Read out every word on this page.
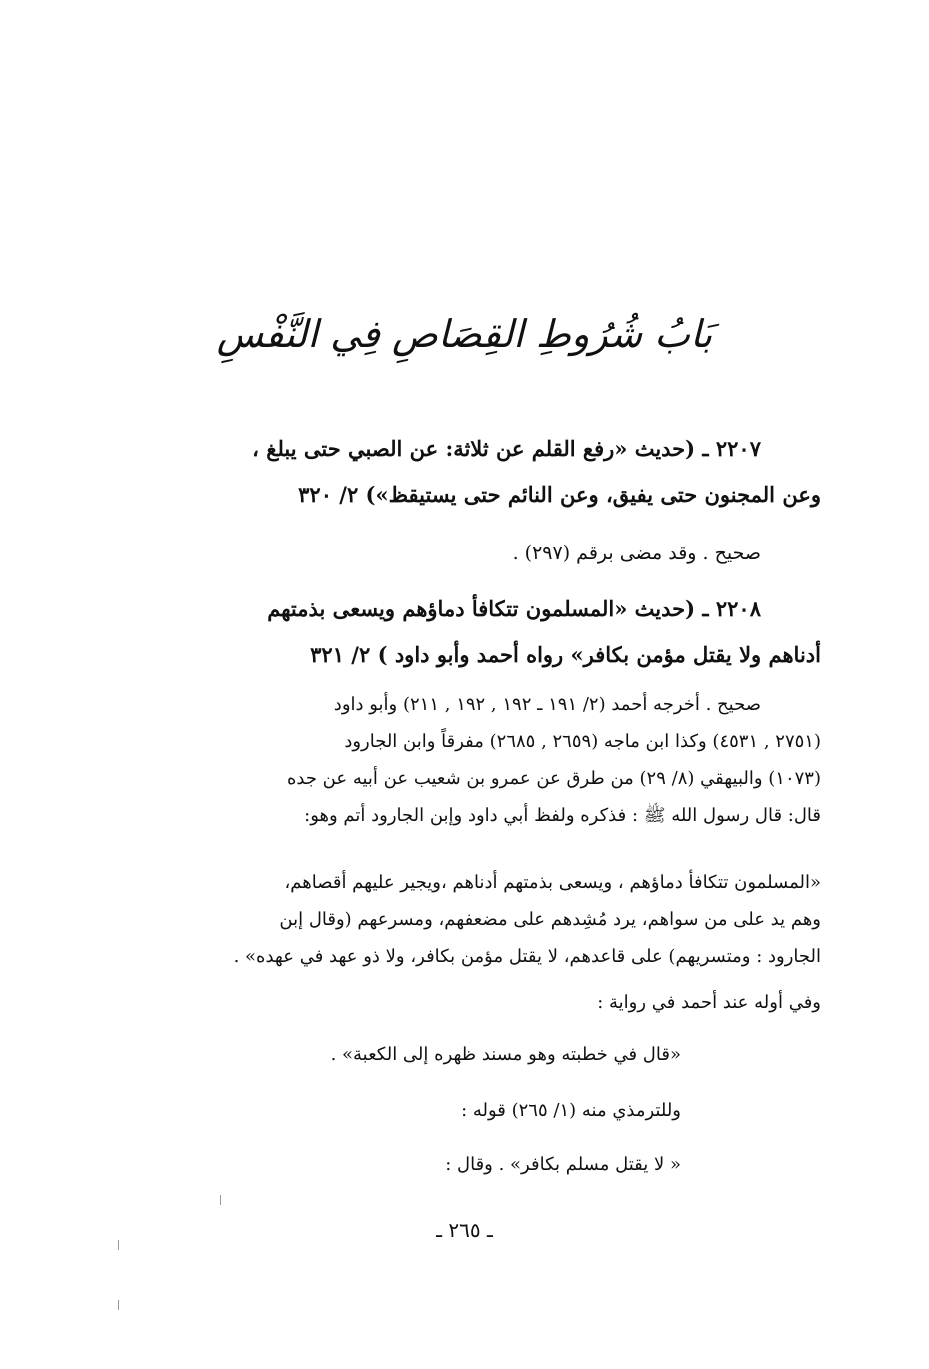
بَابُ شُرُوطِ القِصَاصِ فِي النَّفْسِ
٢٢٠٧ ـ (حديث «رفع القلم عن ثلاثة: عن الصبي حتى يبلغ ،
وعن المجنون حتى يفيق، وعن النائم حتى يستيقظ») ٢/ ٣٢٠
صحيح . وقد مضى برقم (٢٩٧) .
٢٢٠٨ ـ (حديث «المسلمون تتكافأ دماؤهم ويسعى بذمتهم
أدناهم ولا يقتل مؤمن بكافر» رواه أحمد وأبو داود ) ٢/ ٣٢١
صحيح . أخرجه أحمد (٢/ ١٩١ ـ ١٩٢ , ١٩٢ , ٢١١) وأبو داود
(٢٧٥١ , ٤٥٣١) وكذا ابن ماجه (٢٦٥٩ , ٢٦٨٥) مفرقاً وابن الجارود
(١٠٧٣) والبيهقي (٨/ ٢٩) من طرق عن عمرو بن شعيب عن أبيه عن جده
قال: قال رسول الله ﷺ : فذكره ولفظ أبي داود وإبن الجارود أتم وهو:
«المسلمون تتكافأ دماؤهم ، ويسعى بذمتهم أدناهم ،ويجير عليهم أقصاهم،
وهم يد على من سواهم، يرد مُشِدهم على مضعفهم، ومسرعهم (وقال إبن
الجارود : ومتسريهم) على قاعدهم، لا يقتل مؤمن بكافر، ولا ذو عهد في عهده» .
وفي أوله عند أحمد في رواية :
«قال في خطبته وهو مسند ظهره إلى الكعبة» .
وللترمذي منه (١/ ٢٦٥) قوله :
« لا يقتل مسلم بكافر» . وقال :
ـ ٢٦٥ ـ
